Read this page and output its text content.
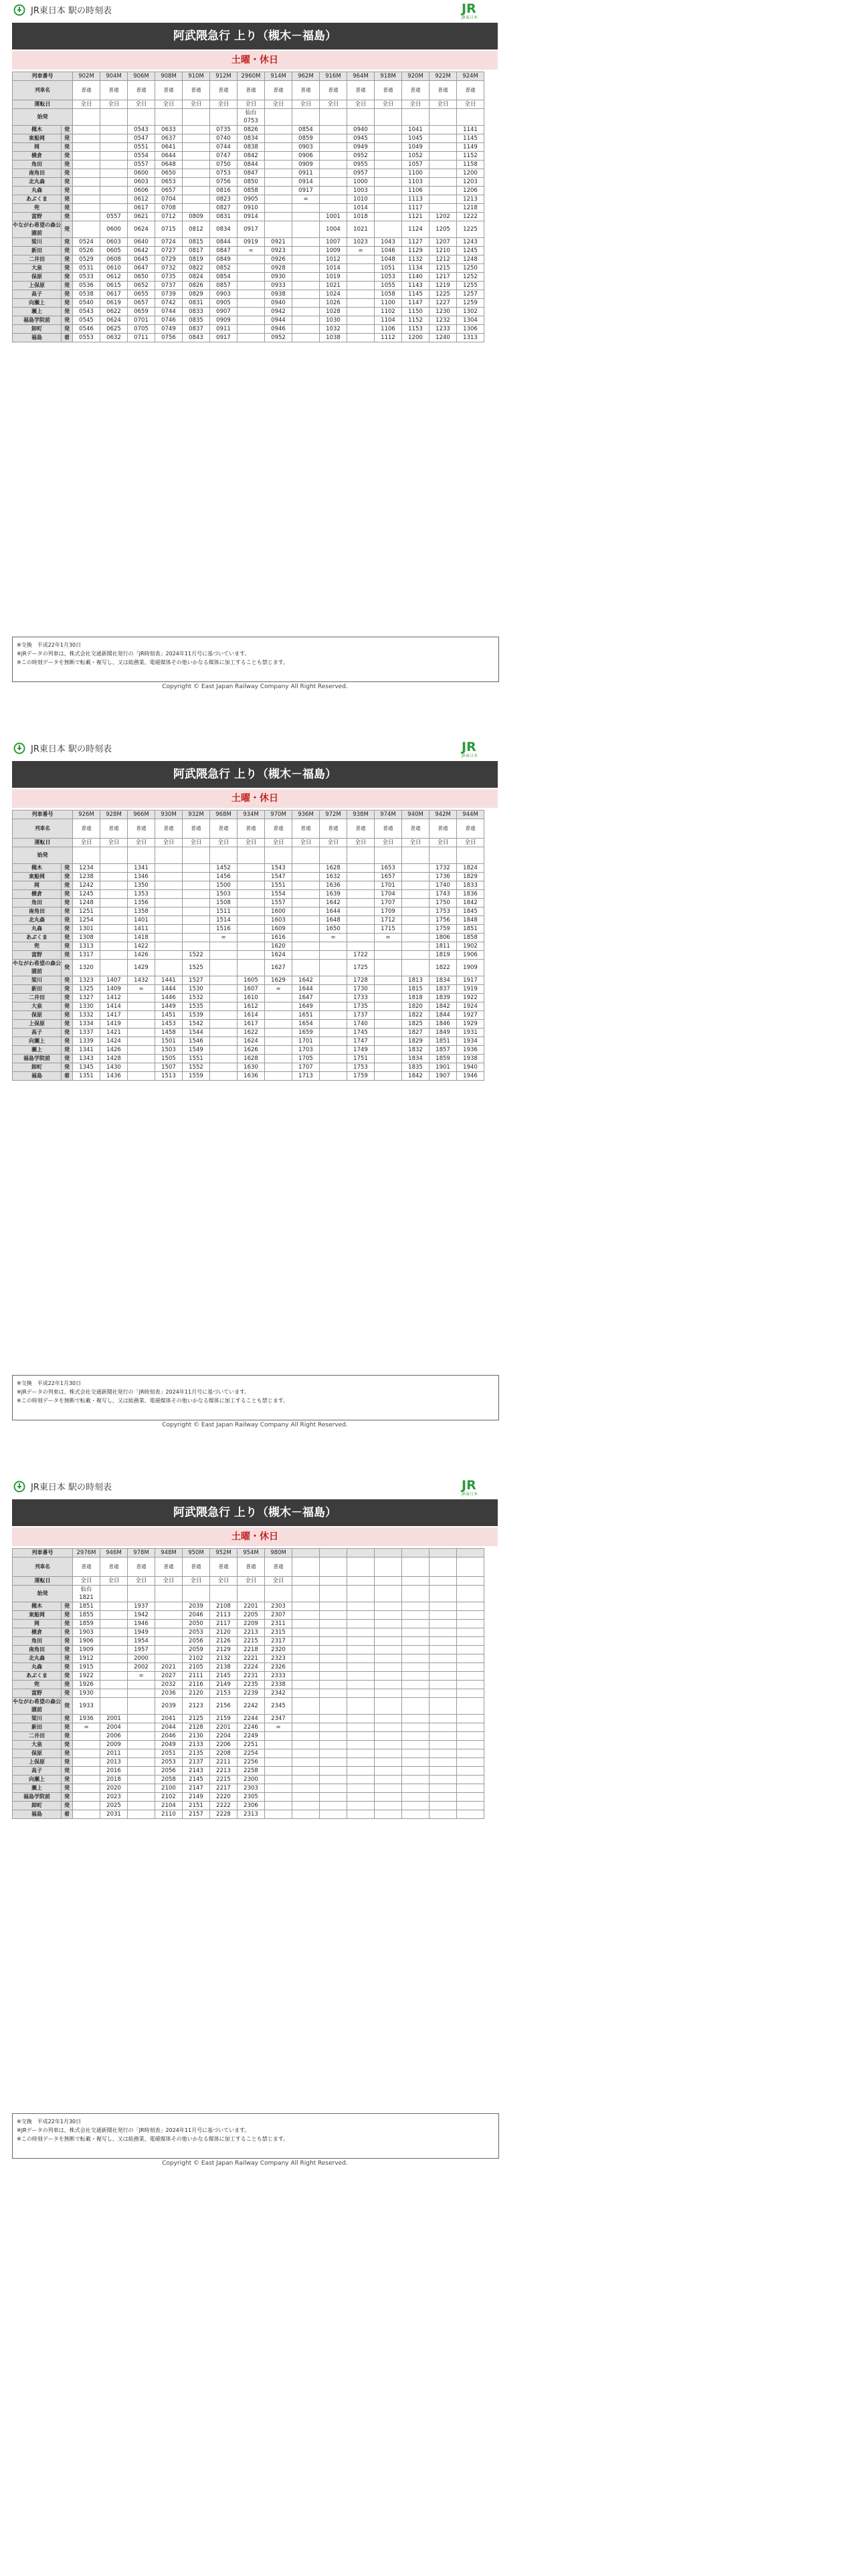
JR東日本 駅の時刻表	JR
JR東日本
阿武隈急行 上り（槻木－福島）
土曜・休日
列車番号		902M	904M	906M	908M	910M	912M	2960M	914M	962M	916M	964M	918M	920M	922M	924M
列車名		普通	普通	普通	普通	普通	普通	普通	普通	普通	普通	普通	普通	普通	普通	普通
運転日		全日	全日	全日	全日	全日	全日	全日	全日	全日	全日	全日	全日	全日	全日	全日
始発								仙台
0753								
槻木	発			0543	0633		0735	0826		0854		0940		1041		1141
東船岡	発			0547	0637		0740	0834		0859		0945		1045		1145
岡	発			0551	0641		0744	0838		0903		0949		1049		1149
横倉	発			0554	0644		0747	0842		0906		0952		1052		1152
角田	発			0557	0648		0750	0844		0909		0955		1057		1158
南角田	発			0600	0650		0753	0847		0911		0957		1100		1200
北丸森	発			0603	0653		0756	0850		0914		1000		1103		1203
丸森	発			0606	0657		0816	0858		0917		1003		1106		1206
あぶくま	発			0612	0704		0823	0905		=		1010		1113		1213
兜	発			0617	0708		0827	0910				1014		1117		1218
富野	発		0557	0621	0712	0809	0831	0914			1001	1018		1121	1202	1222
やながわ希望の森公園前	発		0600	0624	0715	0812	0834	0917			1004	1021		1124	1205	1225
梁川	発	0524	0603	0640	0724	0815	0844	0919	0921		1007	1023	1043	1127	1207	1243
新田	発	0526	0605	0642	0727	0817	0847	=	0923		1009	=	1046	1129	1210	1245
二井田	発	0529	0608	0645	0729	0819	0849		0926		1012		1048	1132	1212	1248
大泉	発	0531	0610	0647	0732	0822	0852		0928		1014		1051	1134	1215	1250
保原	発	0533	0612	0650	0735	0824	0854		0930		1019		1053	1140	1217	1252
上保原	発	0536	0615	0652	0737	0826	0857		0933		1021		1055	1143	1219	1255
高子	発	0538	0617	0655	0739	0829	0903		0938		1024		1058	1145	1225	1257
向瀬上	発	0540	0619	0657	0742	0831	0905		0940		1026		1100	1147	1227	1259
瀬上	発	0543	0622	0659	0744	0833	0907		0942		1028		1102	1150	1230	1302
福島学院前	発	0545	0624	0701	0746	0835	0909		0944		1030		1104	1152	1232	1304
卸町	発	0546	0625	0705	0749	0837	0911		0946		1032		1106	1153	1233	1306
福島	着	0553	0632	0711	0756	0843	0917		0952		1038		1112	1200	1240	1313
※交換　平成22年1月30日
※JRデータの列車は、株式会社交通新聞社発行の「JR時刻表」2024年11月号に基づいています。
※この時刻データを無断で転載・複写し、又は総務業、電磁媒体その他いかなる媒体に加工することも禁じます。
Copyright © East Japan Railway Company All Right Reserved.
JR東日本 駅の時刻表	JR
JR東日本
阿武隈急行 上り（槻木－福島）
土曜・休日
列車番号		926M	928M	966M	930M	932M	968M	934M	970M	936M	972M	938M	974M	940M	942M	944M
列車名		普通	普通	普通	普通	普通	普通	普通	普通	普通	普通	普通	普通	普通	普通	普通
運転日		全日	全日	全日	全日	全日	全日	全日	全日	全日	全日	全日	全日	全日	全日	全日
始発																
槻木	発	1234		1341			1452		1543		1628		1653		1732	1824
東船岡	発	1238		1346			1456		1547		1632		1657		1736	1829
岡	発	1242		1350			1500		1551		1636		1701		1740	1833
横倉	発	1245		1353			1503		1554		1639		1704		1743	1836
角田	発	1248		1356			1508		1557		1642		1707		1750	1842
南角田	発	1251		1358			1511		1600		1644		1709		1753	1845
北丸森	発	1254		1401			1514		1603		1648		1712		1756	1848
丸森	発	1301		1411			1516		1609		1650		1715		1759	1851
あぶくま	発	1308		1418			=		1616		=		=		1806	1858
兜	発	1313		1422					1620						1811	1902
富野	発	1317		1426		1522			1624			1722			1819	1906
やながわ希望の森公園前	発	1320		1429		1525			1627			1725			1822	1909
梁川	発	1323	1407	1432	1441	1527		1605	1629	1642		1728		1813	1834	1917
新田	発	1325	1409	=	1444	1530		1607	=	1644		1730		1815	1837	1919
二井田	発	1327	1412		1446	1532		1610		1647		1733		1818	1839	1922
大泉	発	1330	1414		1449	1535		1612		1649		1735		1820	1842	1924
保原	発	1332	1417		1451	1539		1614		1651		1737		1822	1844	1927
上保原	発	1334	1419		1453	1542		1617		1654		1740		1825	1846	1929
高子	発	1337	1421		1458	1544		1622		1659		1745		1827	1849	1931
向瀬上	発	1339	1424		1501	1546		1624		1701		1747		1829	1851	1934
瀬上	発	1341	1426		1503	1549		1626		1703		1749		1832	1857	1936
福島学院前	発	1343	1428		1505	1551		1628		1705		1751		1834	1859	1938
卸町	発	1345	1430		1507	1552		1630		1707		1753		1835	1901	1940
福島	着	1351	1436		1513	1559		1636		1713		1759		1842	1907	1946
※交換　平成22年1月30日
※JRデータの列車は、株式会社交通新聞社発行の「JR時刻表」2024年11月号に基づいています。
※この時刻データを無断で転載・複写し、又は総務業、電磁媒体その他いかなる媒体に加工することも禁じます。
Copyright © East Japan Railway Company All Right Reserved.
JR東日本 駅の時刻表	JR
JR東日本
阿武隈急行 上り（槻木－福島）
土曜・休日
列車番号		2976M	946M	978M	948M	950M	952M	954M	980M							
列車名		普通	普通	普通	普通	普通	普通	普通	普通							
運転日		全日	全日	全日	全日	全日	全日	全日	全日							
始発		仙台
1821														
槻木	発	1851		1937		2039	2108	2201	2303							
東船岡	発	1855		1942		2046	2113	2205	2307							
岡	発	1859		1946		2050	2117	2209	2311							
横倉	発	1903		1949		2053	2120	2213	2315							
角田	発	1906		1954		2056	2126	2215	2317							
南角田	発	1909		1957		2059	2129	2218	2320							
北丸森	発	1912		2000		2102	2132	2221	2323							
丸森	発	1915		2002	2021	2105	2138	2224	2326							
あぶくま	発	1922		=	2027	2111	2145	2231	2333							
兜	発	1926			2032	2116	2149	2235	2338							
富野	発	1930			2036	2120	2153	2239	2342							
やながわ希望の森公園前	発	1933			2039	2123	2156	2242	2345							
梁川	発	1936	2001		2041	2125	2159	2244	2347							
新田	発	=	2004		2044	2128	2201	2246	=							
二井田	発		2006		2046	2130	2204	2249								
大泉	発		2009		2049	2133	2206	2251								
保原	発		2011		2051	2135	2208	2254								
上保原	発		2013		2053	2137	2211	2256								
高子	発		2016		2056	2143	2213	2258								
向瀬上	発		2018		2058	2145	2215	2300								
瀬上	発		2020		2100	2147	2217	2303								
福島学院前	発		2023		2102	2149	2220	2305								
卸町	発		2025		2104	2151	2222	2306								
福島	着		2031		2110	2157	2228	2313								
※交換　平成22年1月30日
※JRデータの列車は、株式会社交通新聞社発行の「JR時刻表」2024年11月号に基づいています。
※この時刻データを無断で転載・複写し、又は総務業、電磁媒体その他いかなる媒体に加工することも禁じます。
Copyright © East Japan Railway Company All Right Reserved.
